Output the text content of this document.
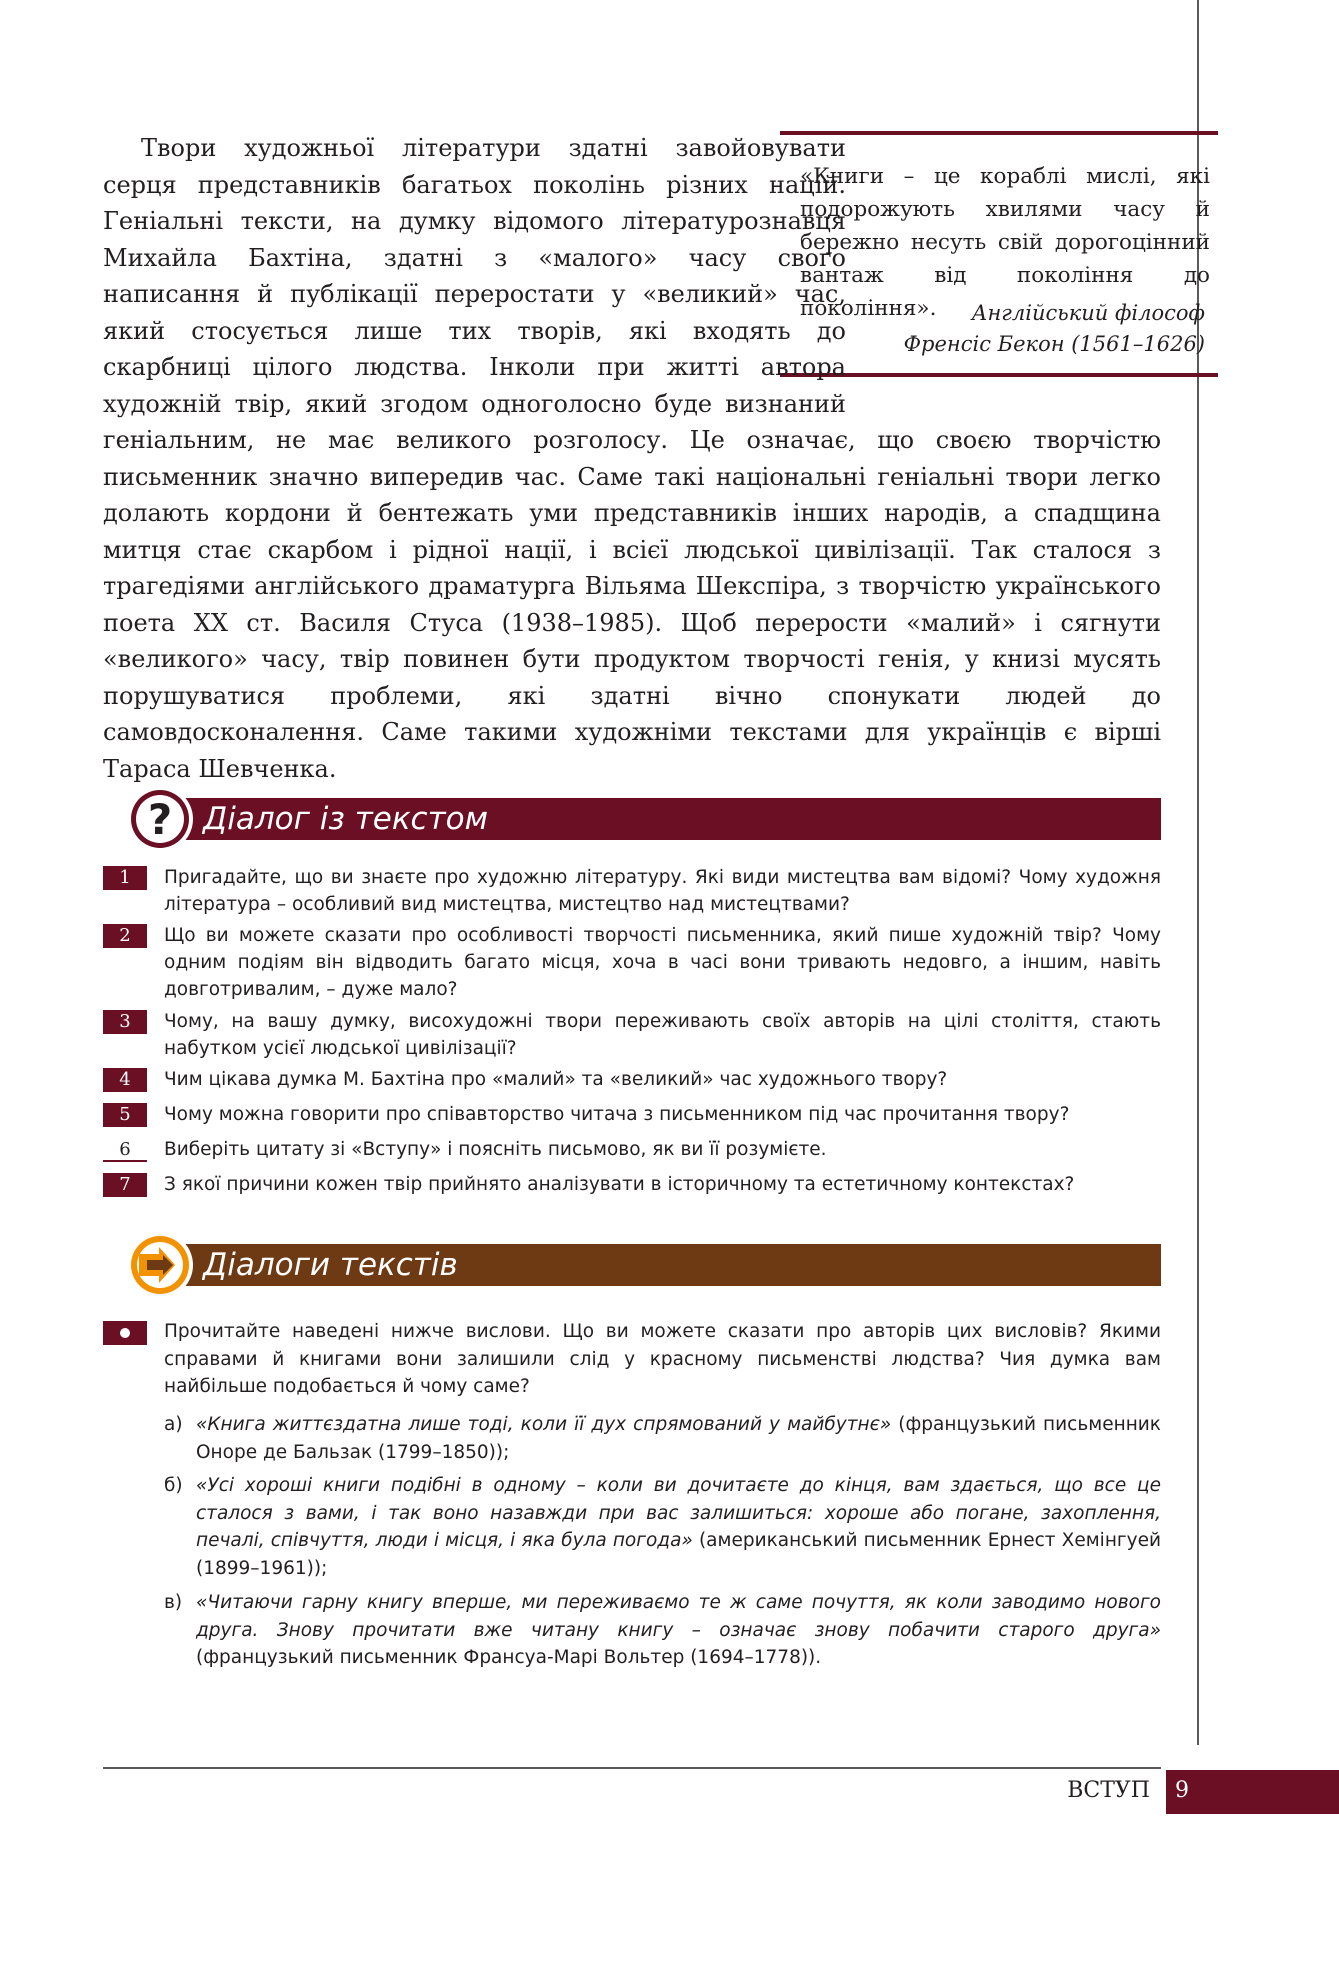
«Книги – це кораблі мислі, які подорожують хвилями часу й бережно несуть свій дорогоцінний вантаж від покоління до покоління».	Англійський філософ
Френсіс Бекон (1561–1626)

Твори художньої літератури здатні завойовувати серця представників багатьох поколінь різних націй. Геніальні тексти, на думку відомого літературознавця Михайла Бахтіна, здатні з «малого» часу свого написання й публікації переростати у «великий» час, який стосується лише тих творів, які входять до скарбниці цілого людства. Інколи при житті автора художній твір, який згодом одноголосно буде визнаний геніальним, не має великого розголосу. Це означає, що своєю творчістю письменник значно випередив час. Саме такі національні геніальні твори легко долають кордони й бентежать уми представників інших народів, а спадщина митця стає скарбом і рідної нації, і всієї людської цивілізації. Так сталося з трагедіями англійського драматурга Вільяма Шекспіра, з творчістю українського поета XX ст. Василя Стуса (1938–1985). Щоб перерости «малий» і сягнути «великого» часу, твір повинен бути продуктом творчості генія, у книзі мусять порушуватися проблеми, які здатні вічно спонукати людей до самовдосконалення. Саме такими художніми текстами для українців є вірші Тараса Шевченка.

? Діалог із текстом
1	Пригадайте, що ви знаєте про художню літературу. Які види мистецтва вам відомі? Чому художня література – особливий вид мистецтва, мистецтво над мистецтвами?
2	Що ви можете сказати про особливості творчості письменника, який пише художній твір? Чому одним подіям він відводить багато місця, хоча в часі вони тривають недовго, а іншим, навіть довготривалим, – дуже мало?
3	Чому, на вашу думку, висохудожні твори переживають своїх авторів на цілі століття, стають набутком усієї людської цивілізації?
4	Чим цікава думка М. Бахтіна про «малий» та «великий» час художнього твору?
5	Чому можна говорити про співавторство читача з письменником під час прочитання твору?
6	Виберіть цитату зі «Вступу» і поясніть письмово, як ви її розумієте.
7	З якої причини кожен твір прийнято аналізувати в історичному та естетичному контекстах?
Діалоги текстів
Прочитайте наведені нижче вислови. Що ви можете сказати про авторів цих висловів? Якими справами й книгами вони залишили слід у красному письменстві людства? Чия думка вам найбільше подобається й чому саме?
а) «Книга життєздатна лише тоді, коли її дух спрямований у майбутнє» (французький письменник Оноре де Бальзак (1799–1850));
б) «Усі хороші книги подібні в одному – коли ви дочитаєте до кінця, вам здається, що все це сталося з вами, і так воно назавжди при вас залишиться: хороше або погане, захоплення, печалі, співчуття, люди і місця, і яка була погода» (американський письменник Ернест Хемінгуей (1899–1961));
в) «Читаючи гарну книгу вперше, ми переживаємо те ж саме почуття, як коли заводимо нового друга. Знову прочитати вже читану книгу – означає знову побачити старого друга» (французький письменник Франсуа-Марі Вольтер (1694–1778)).
ВСТУП 9
